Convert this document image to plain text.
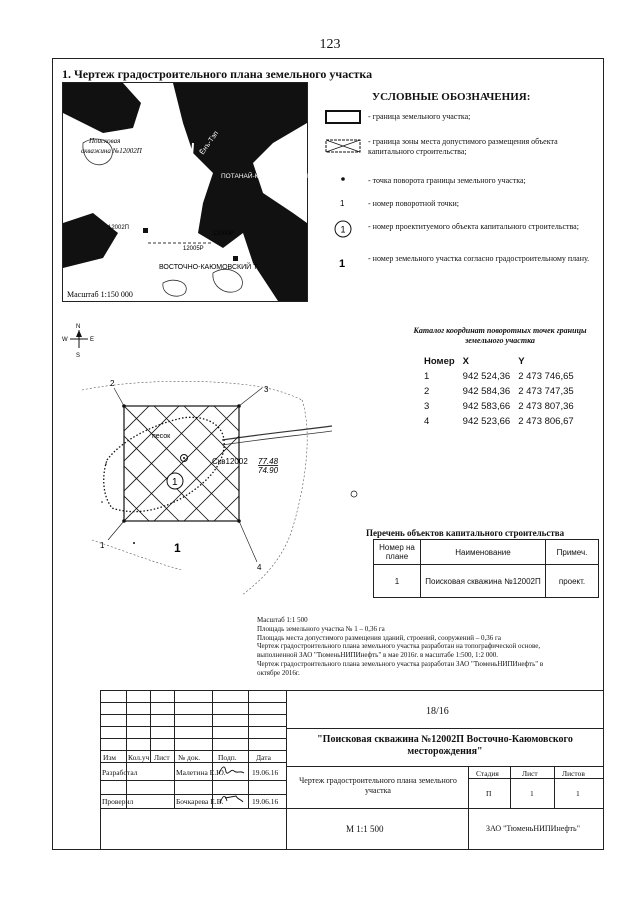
123
1. Чертеж градостроительного плана земельного участка
Поисковая
скважина №12002П	Ёнъ-Тэп
ПОТАНАЙ-КАРТОПЬИНСКИЙ
ВОСТОЧНО-КАЮМОВСКИЙ Т
12002П
12000Р
12005Р
Масштаб 1:150 000
УСЛОВНЫЕ ОБОЗНАЧЕНИЯ:
1
1
1
- граница земельного участка;
- граница зоны места допустимого размещения объекта капитального строительства;
- точка поворота границы земельного участка;
- номер поворотной точки;
- номер проектитуемого объекта капитального строительства;
- номер земельного участка согласно градостроительному плану.
Каталог координат поворотных точек границы земельного участка
Номер	X	Y
1	942 524,36	2 473 746,65
2	942 584,36	2 473 747,35
3	942 583,66	2 473 807,36
4	942 523,66	2 473 806,67
N
S
W	E
1
2
3
4
1
1
песок
Скв12002 77.48
74.90
Перечень объектов капитального строительства
Номер на плане	Наименование	Примеч.
1	Поисковая скважина №12002П	проект.
Масштаб 1:1 500
Площадь земельного участка № 1 – 0,36 га
Площадь места допустимого размещения зданий, строений, сооружений – 0,36 га
Чертеж градостроительного плана земельного участка разработан на топографической основе, выполненной ЗАО "ТюменьНИПИнефть" в мае 2016г. в масштабе 1:500, 1:2 000.
Чертеж градостроительного плана земельного участка разработан ЗАО "ТюменьНИПИнефть" в октябре 2016г.
18/16
"Поисковая скважина №12002П Восточно-Каюмовского месторождения"
Изм Кол.уч Лист № док. Подп.	Дата
Разработал	Малетина Е.Ю.	19.06.16
Проверил	Бочкарева Е.В.	19.06.16
Чертеж градостроительного плана земельного участка
Стадия	Лист	Листов
П	1	1
М 1:1 500	ЗАО "ТюменьНИПИнефть"
